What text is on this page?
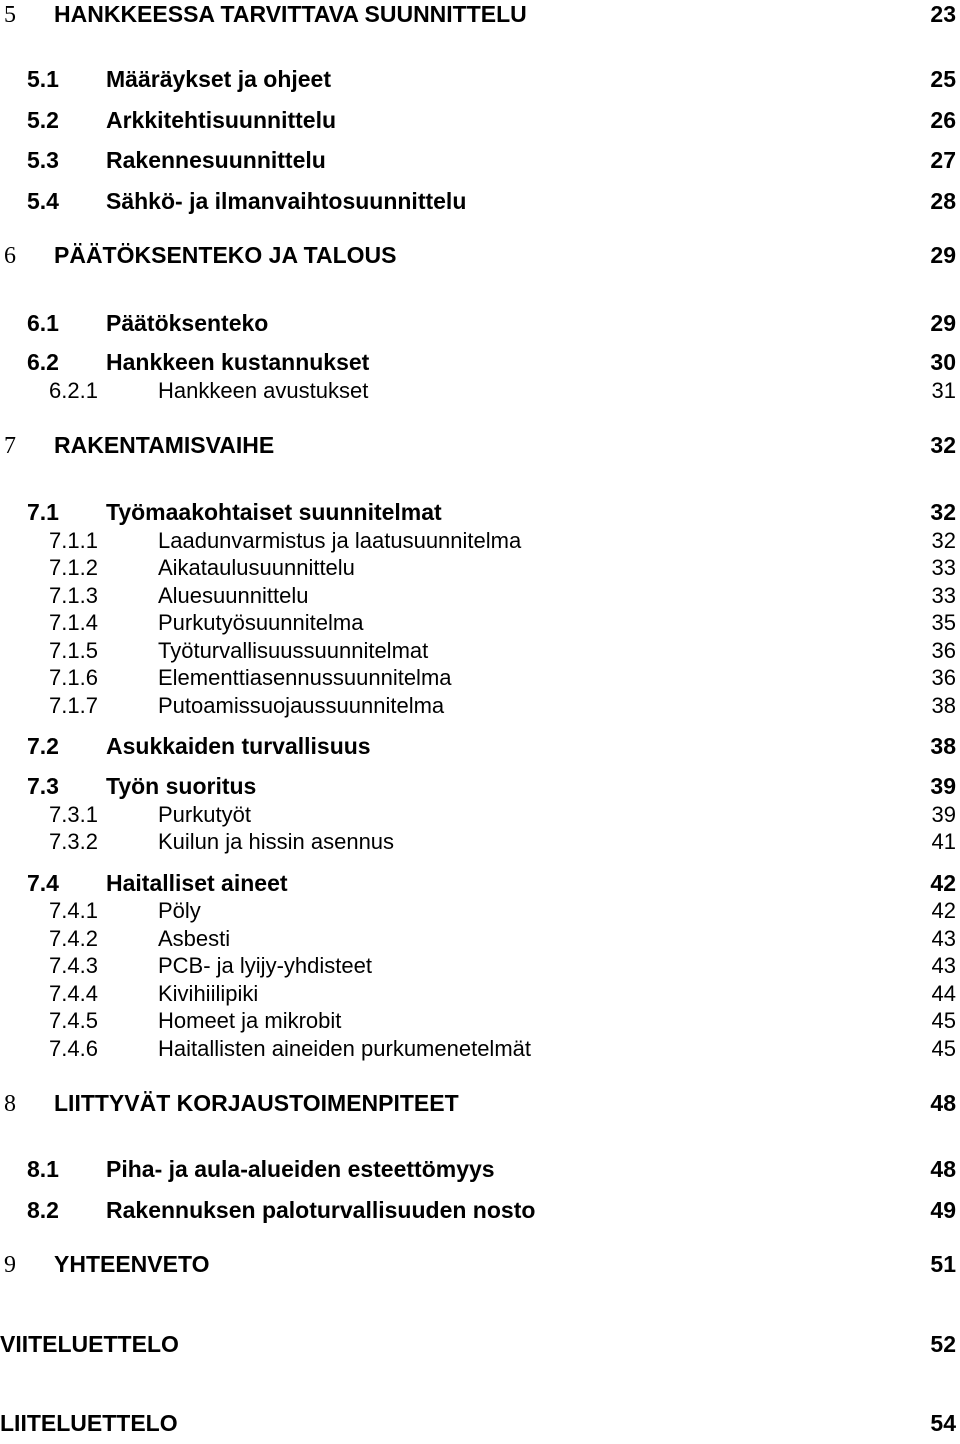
5 HANKKEESSA TARVITTAVA SUUNNITTELU	23
5.1 Määräykset ja ohjeet	25
5.2 Arkkitehtisuunnittelu	26
5.3 Rakennesuunnittelu	27
5.4 Sähkö- ja ilmanvaihtosuunnittelu	28
6 PÄÄTÖKSENTEKO JA TALOUS	29
6.1 Päätöksenteko	29
6.2 Hankkeen kustannukset	30
6.2.1	Hankkeen avustukset	31
7 RAKENTAMISVAIHE	32
7.1 Työmaakohtaiset suunnitelmat	32
7.1.1	Laadunvarmistus ja laatusuunnitelma	32
7.1.2	Aikataulusuunnittelu	33
7.1.3	Aluesuunnittelu	33
7.1.4	Purkutyösuunnitelma	35
7.1.5	Työturvallisuussuunnitelmat	36
7.1.6	Elementtiasennussuunnitelma	36
7.1.7	Putoamissuojaussuunnitelma	38
7.2 Asukkaiden turvallisuus	38
7.3 Työn suoritus	39
7.3.1	Purkutyöt	39
7.3.2	Kuilun ja hissin asennus	41
7.4 Haitalliset aineet	42
7.4.1	Pöly	42
7.4.2	Asbesti	43
7.4.3	PCB- ja lyijy-yhdisteet	43
7.4.4	Kivihiilipiki	44
7.4.5	Homeet ja mikrobit	45
7.4.6	Haitallisten aineiden purkumenetelmät	45
8 LIITTYVÄT KORJAUSTOIMENPITEET	48
8.1 Piha- ja aula-alueiden esteettömyys	48
8.2 Rakennuksen paloturvallisuuden nosto	49
9 YHTEENVETO	51
VIITELUETTELO	52
LIITELUETTELO	54
